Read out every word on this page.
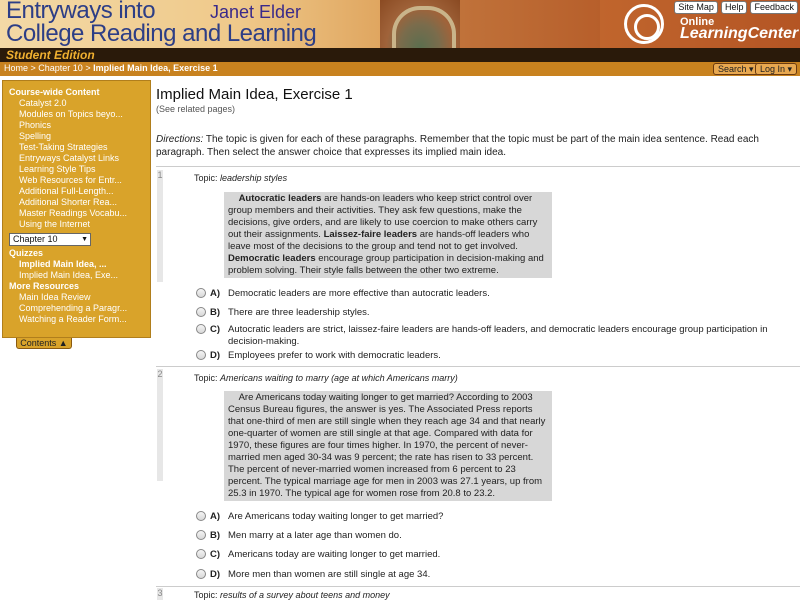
Entryways into
College Reading and Learning
Janet Elder	Online
LearningCenter
Site Map	Help	Feedback
Student Edition
Home > Chapter 10 > Implied Main Idea, Exercise 1	Search ▾ Log In ▾
Course-wide Content
Catalyst 2.0
Modules on Topics beyo...
Phonics
Spelling
Test-Taking Strategies
Entryways Catalyst Links
Learning Style Tips
Web Resources for Entr...
Additional Full-Length...
Additional Shorter Rea...
Master Readings Vocabu...
Using the Internet
Chapter 10 ▼
Quizzes
Implied Main Idea, ...
Implied Main Idea, Exe...
More Resources
Main Idea Review
Comprehending a Paragr...
Watching a Reader Form...
Contents ▲
Implied Main Idea, Exercise 1
(See related pages)
Directions: The topic is given for each of these paragraphs. Remember that the topic must be part of the main idea sentence. Read each paragraph. Then select the answer choice that expresses its implied main idea.
1	Topic: leadership styles
Autocratic leaders are hands-on leaders who keep strict control over group members and their activities. They ask few questions, make the decisions, give orders, and are likely to use coercion to make others carry out their assignments. Laissez-faire leaders are hands-off leaders who leave most of the decisions to the group and tend not to get involved. Democratic leaders encourage group participation in decision-making and problem solving. Their style falls between the other two extreme.
A) Democratic leaders are more effective than autocratic leaders.
B) There are three leadership styles.
C) Autocratic leaders are strict, laissez-faire leaders are hands-off leaders, and democratic leaders encourage group participation in decision-making.
D) Employees prefer to work with democratic leaders.
2	Topic: Americans waiting to marry (age at which Americans marry)
Are Americans today waiting longer to get married? According to 2003 Census Bureau figures, the answer is yes. The Associated Press reports that one-third of men are still single when they reach age 34 and that nearly one-quarter of women are still single at that age. Compared with data for 1970, these figures are four times higher. In 1970, the percent of never-married men aged 30-34 was 9 percent; the rate has risen to 33 percent. The percent of never-married women increased from 6 percent to 23 percent. The typical marriage age for men in 2003 was 27.1 years, up from 25.3 in 1970. The typical age for women rose from 20.8 to 23.2.
A) Are Americans today waiting longer to get married?
B) Men marry at a later age than women do.
C) Americans today are waiting longer to get married.
D) More men than women are still single at age 34.
3	Topic: results of a survey about teens and money
